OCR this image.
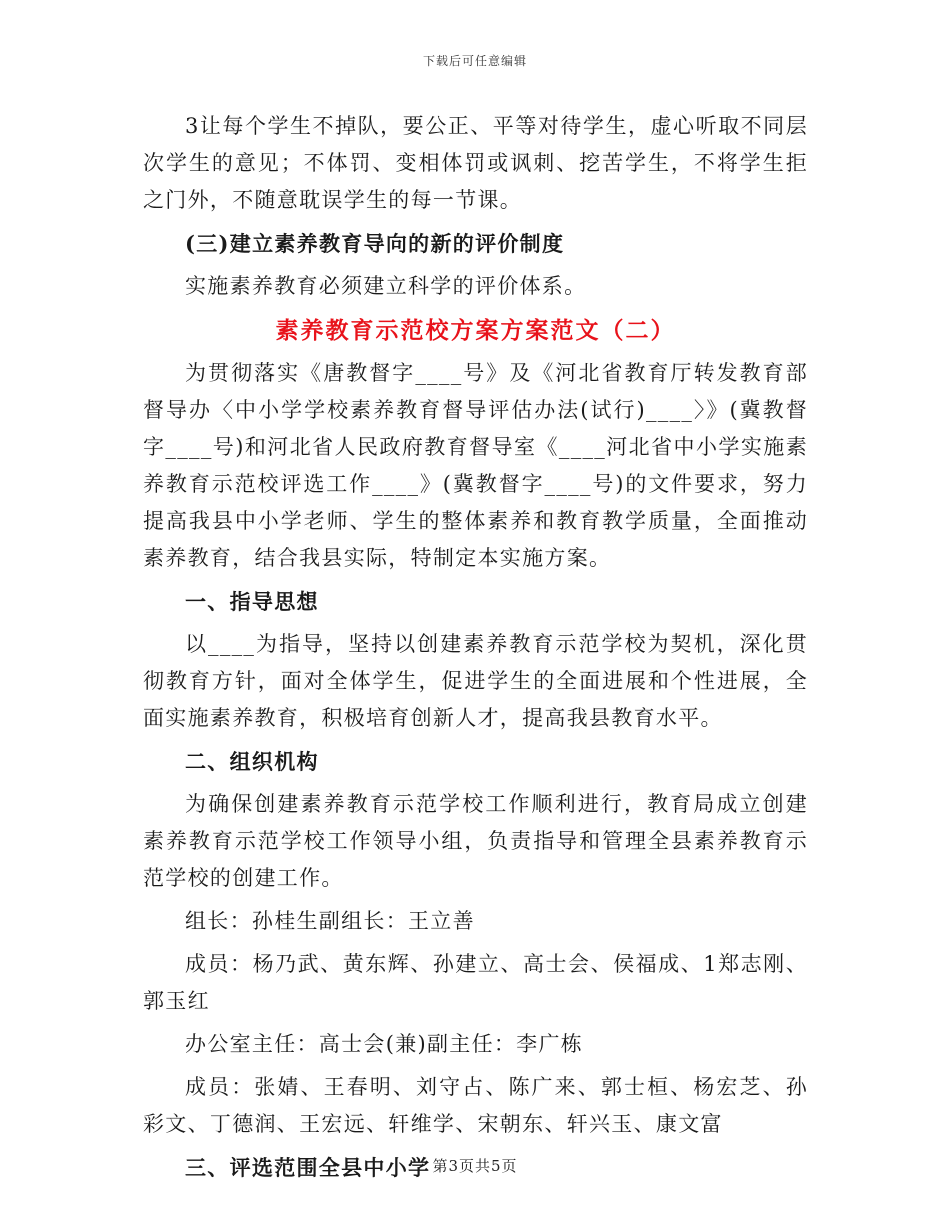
下载后可任意编辑

3让每个学生不掉队，要公正、平等对待学生，虚心听取不同层次学生的意见；不体罚、变相体罚或讽刺、挖苦学生，不将学生拒之门外，不随意耽误学生的每一节课。

(三)建立素养教育导向的新的评价制度

实施素养教育必须建立科学的评价体系。

素养教育示范校方案方案范文（二）

为贯彻落实《唐教督字____号》及《河北省教育厅转发教育部督导办〈中小学学校素养教育督导评估办法(试行)____〉》(冀教督字____号)和河北省人民政府教育督导室《____河北省中小学实施素养教育示范校评选工作____》(冀教督字____号)的文件要求，努力提高我县中小学老师、学生的整体素养和教育教学质量，全面推动素养教育，结合我县实际，特制定本实施方案。

一、指导思想

以____为指导，坚持以创建素养教育示范学校为契机，深化贯彻教育方针，面对全体学生，促进学生的全面进展和个性进展，全面实施素养教育，积极培育创新人才，提高我县教育水平。

二、组织机构

为确保创建素养教育示范学校工作顺利进行，教育局成立创建素养教育示范学校工作领导小组，负责指导和管理全县素养教育示范学校的创建工作。

组长：孙桂生副组长：王立善

成员：杨乃武、黄东辉、孙建立、高士会、侯福成、1郑志刚、郭玉红

办公室主任：高士会(兼)副主任：李广栋

成员：张婧、王春明、刘守占、陈广来、郭士桓、杨宏芝、孙彩文、丁德润、王宏远、轩维学、宋朝东、轩兴玉、康文富

三、评选范围全县中小学 第3页共5页
